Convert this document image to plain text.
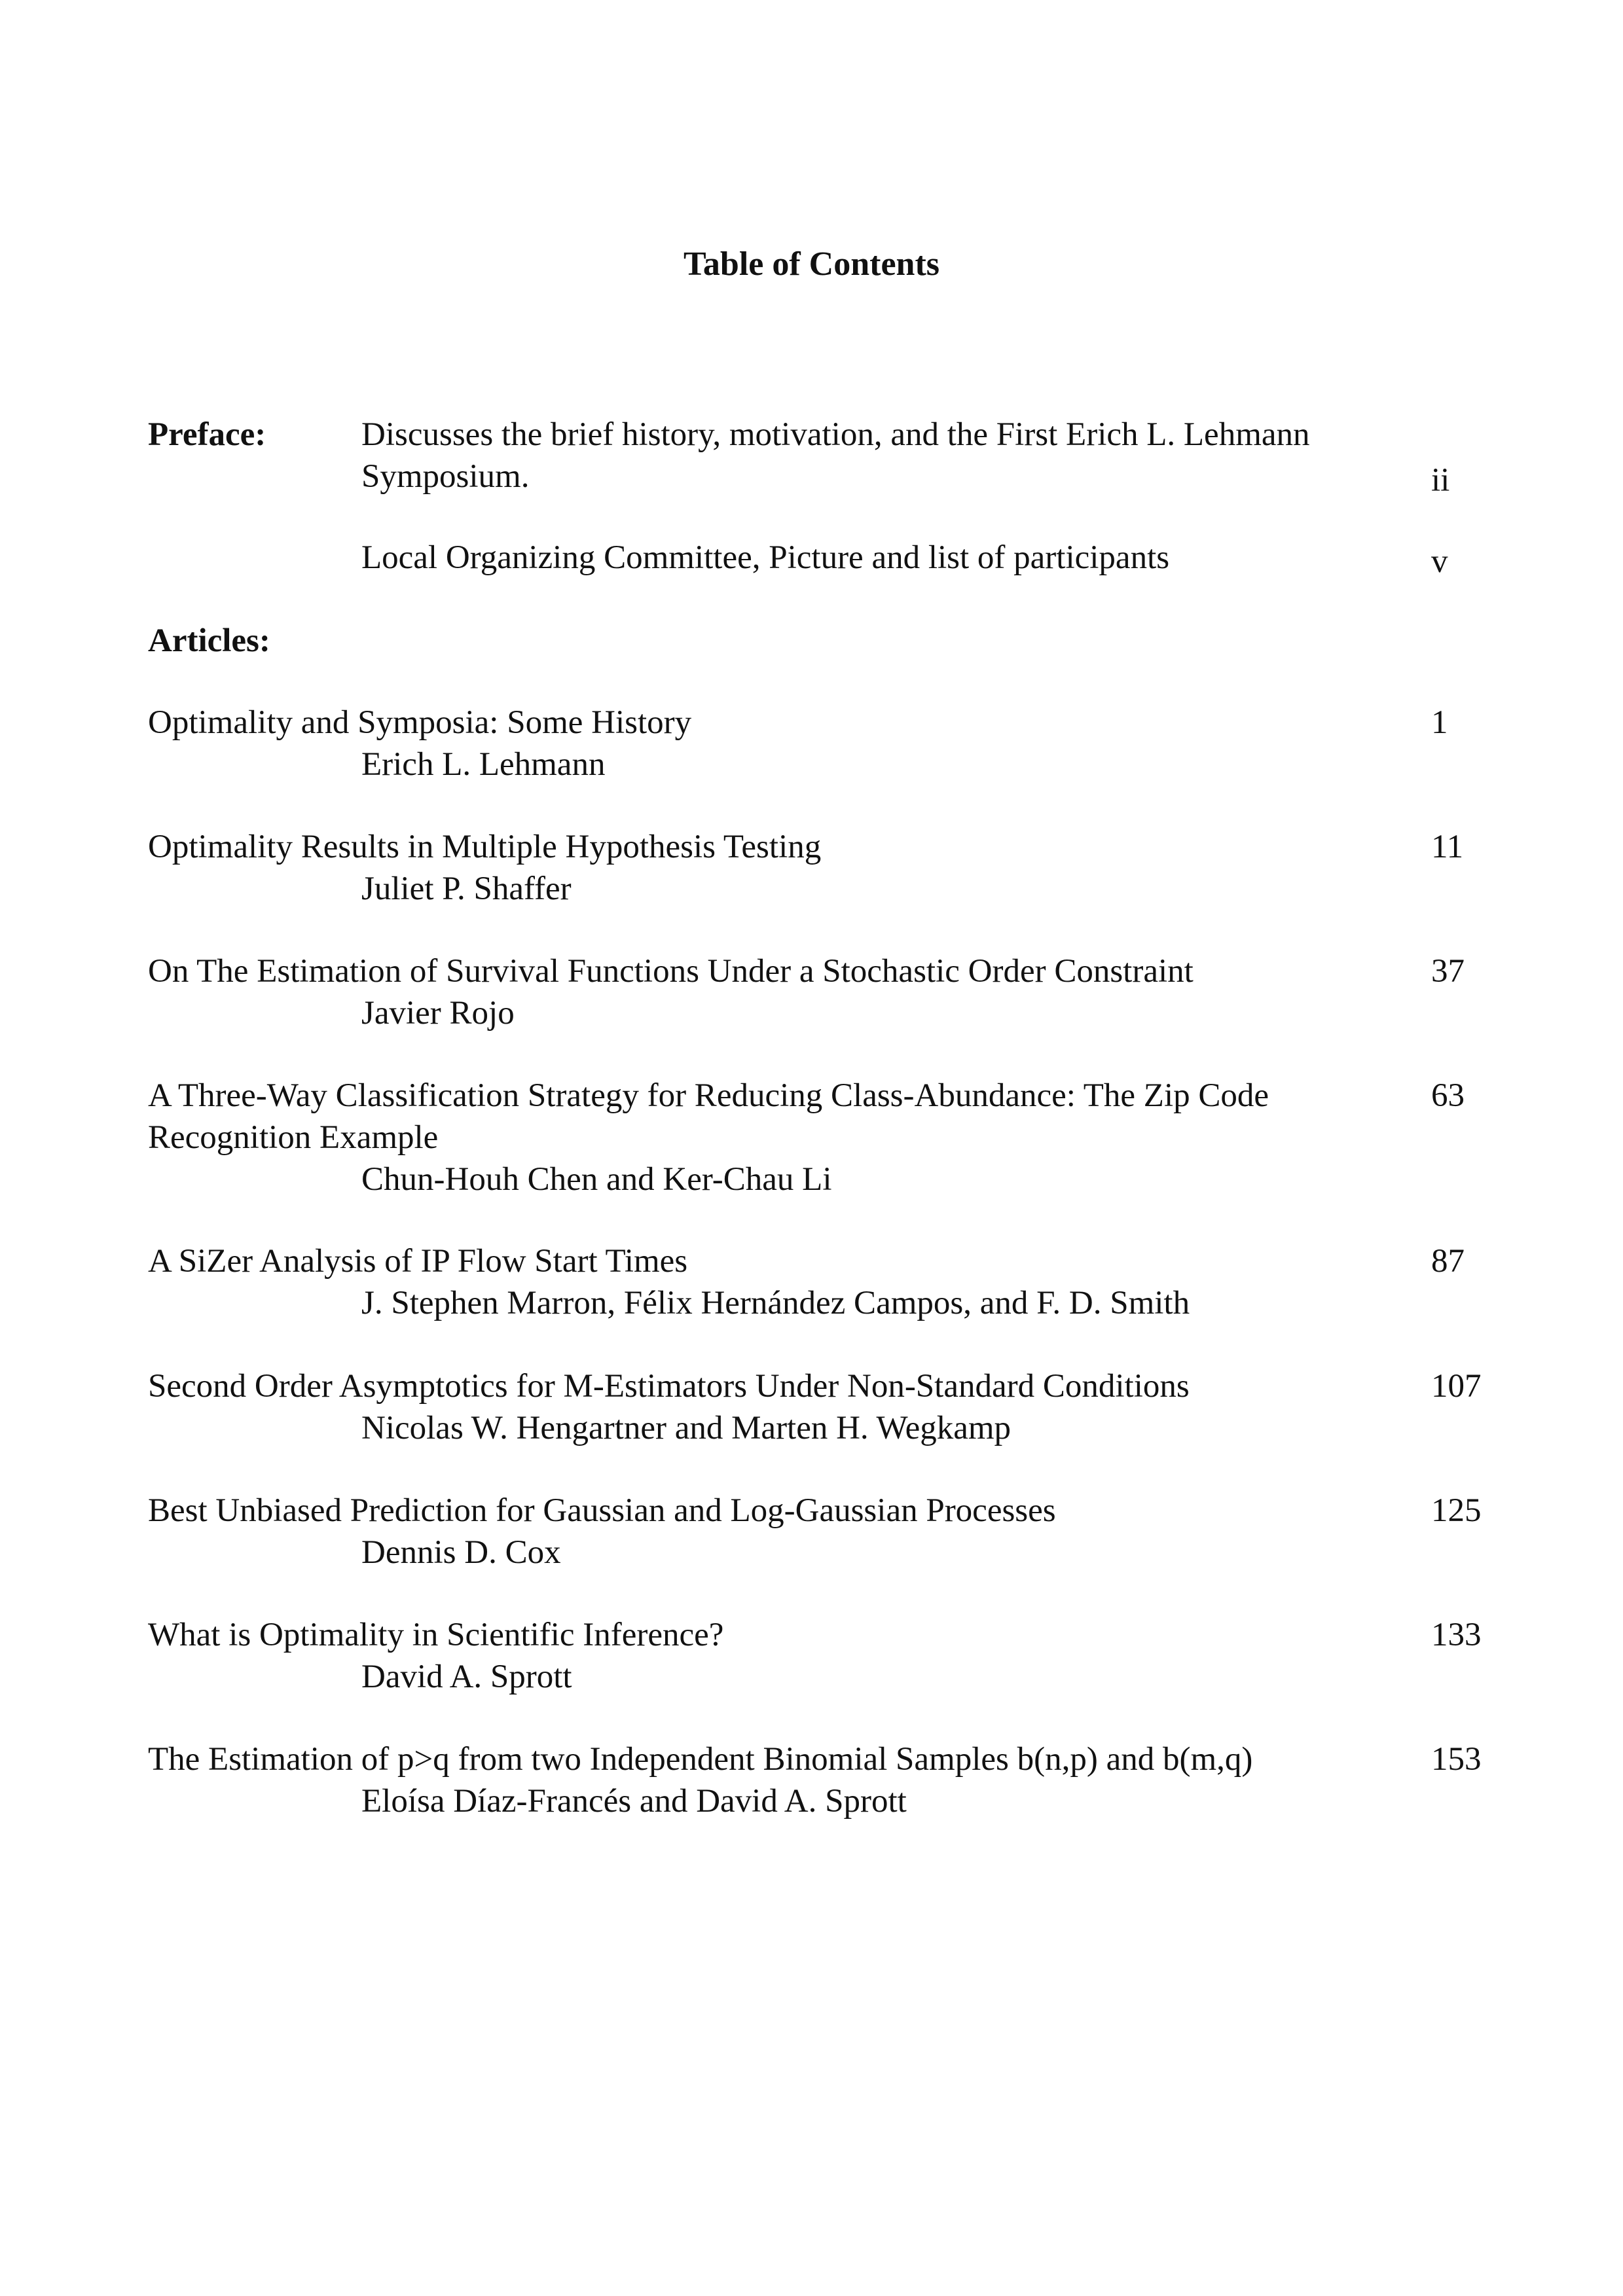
Table of Contents
Preface:	Discusses the brief history, motivation, and the First Erich L. Lehmann
Symposium.	ii
Local Organizing Committee, Picture and list of participants	v
Articles:
Optimality and Symposia: Some History	1
Erich L. Lehmann
Optimality Results in Multiple Hypothesis Testing	11
Juliet P. Shaffer
On The Estimation of Survival Functions Under a Stochastic Order Constraint	37
Javier Rojo
A Three-Way Classification Strategy for Reducing Class-Abundance: The Zip Code	63
Recognition Example
Chun-Houh Chen and Ker-Chau Li
A SiZer Analysis of IP Flow Start Times	87
J. Stephen Marron, Félix Hernández Campos, and F. D. Smith
Second Order Asymptotics for M-Estimators Under Non-Standard Conditions	107
Nicolas W. Hengartner and Marten H. Wegkamp
Best Unbiased Prediction for Gaussian and Log-Gaussian Processes	125
Dennis D. Cox
What is Optimality in Scientific Inference?	133
David A. Sprott
The Estimation of p>q from two Independent Binomial Samples b(n,p) and b(m,q)	153
Eloísa Díaz-Francés and David A. Sprott
